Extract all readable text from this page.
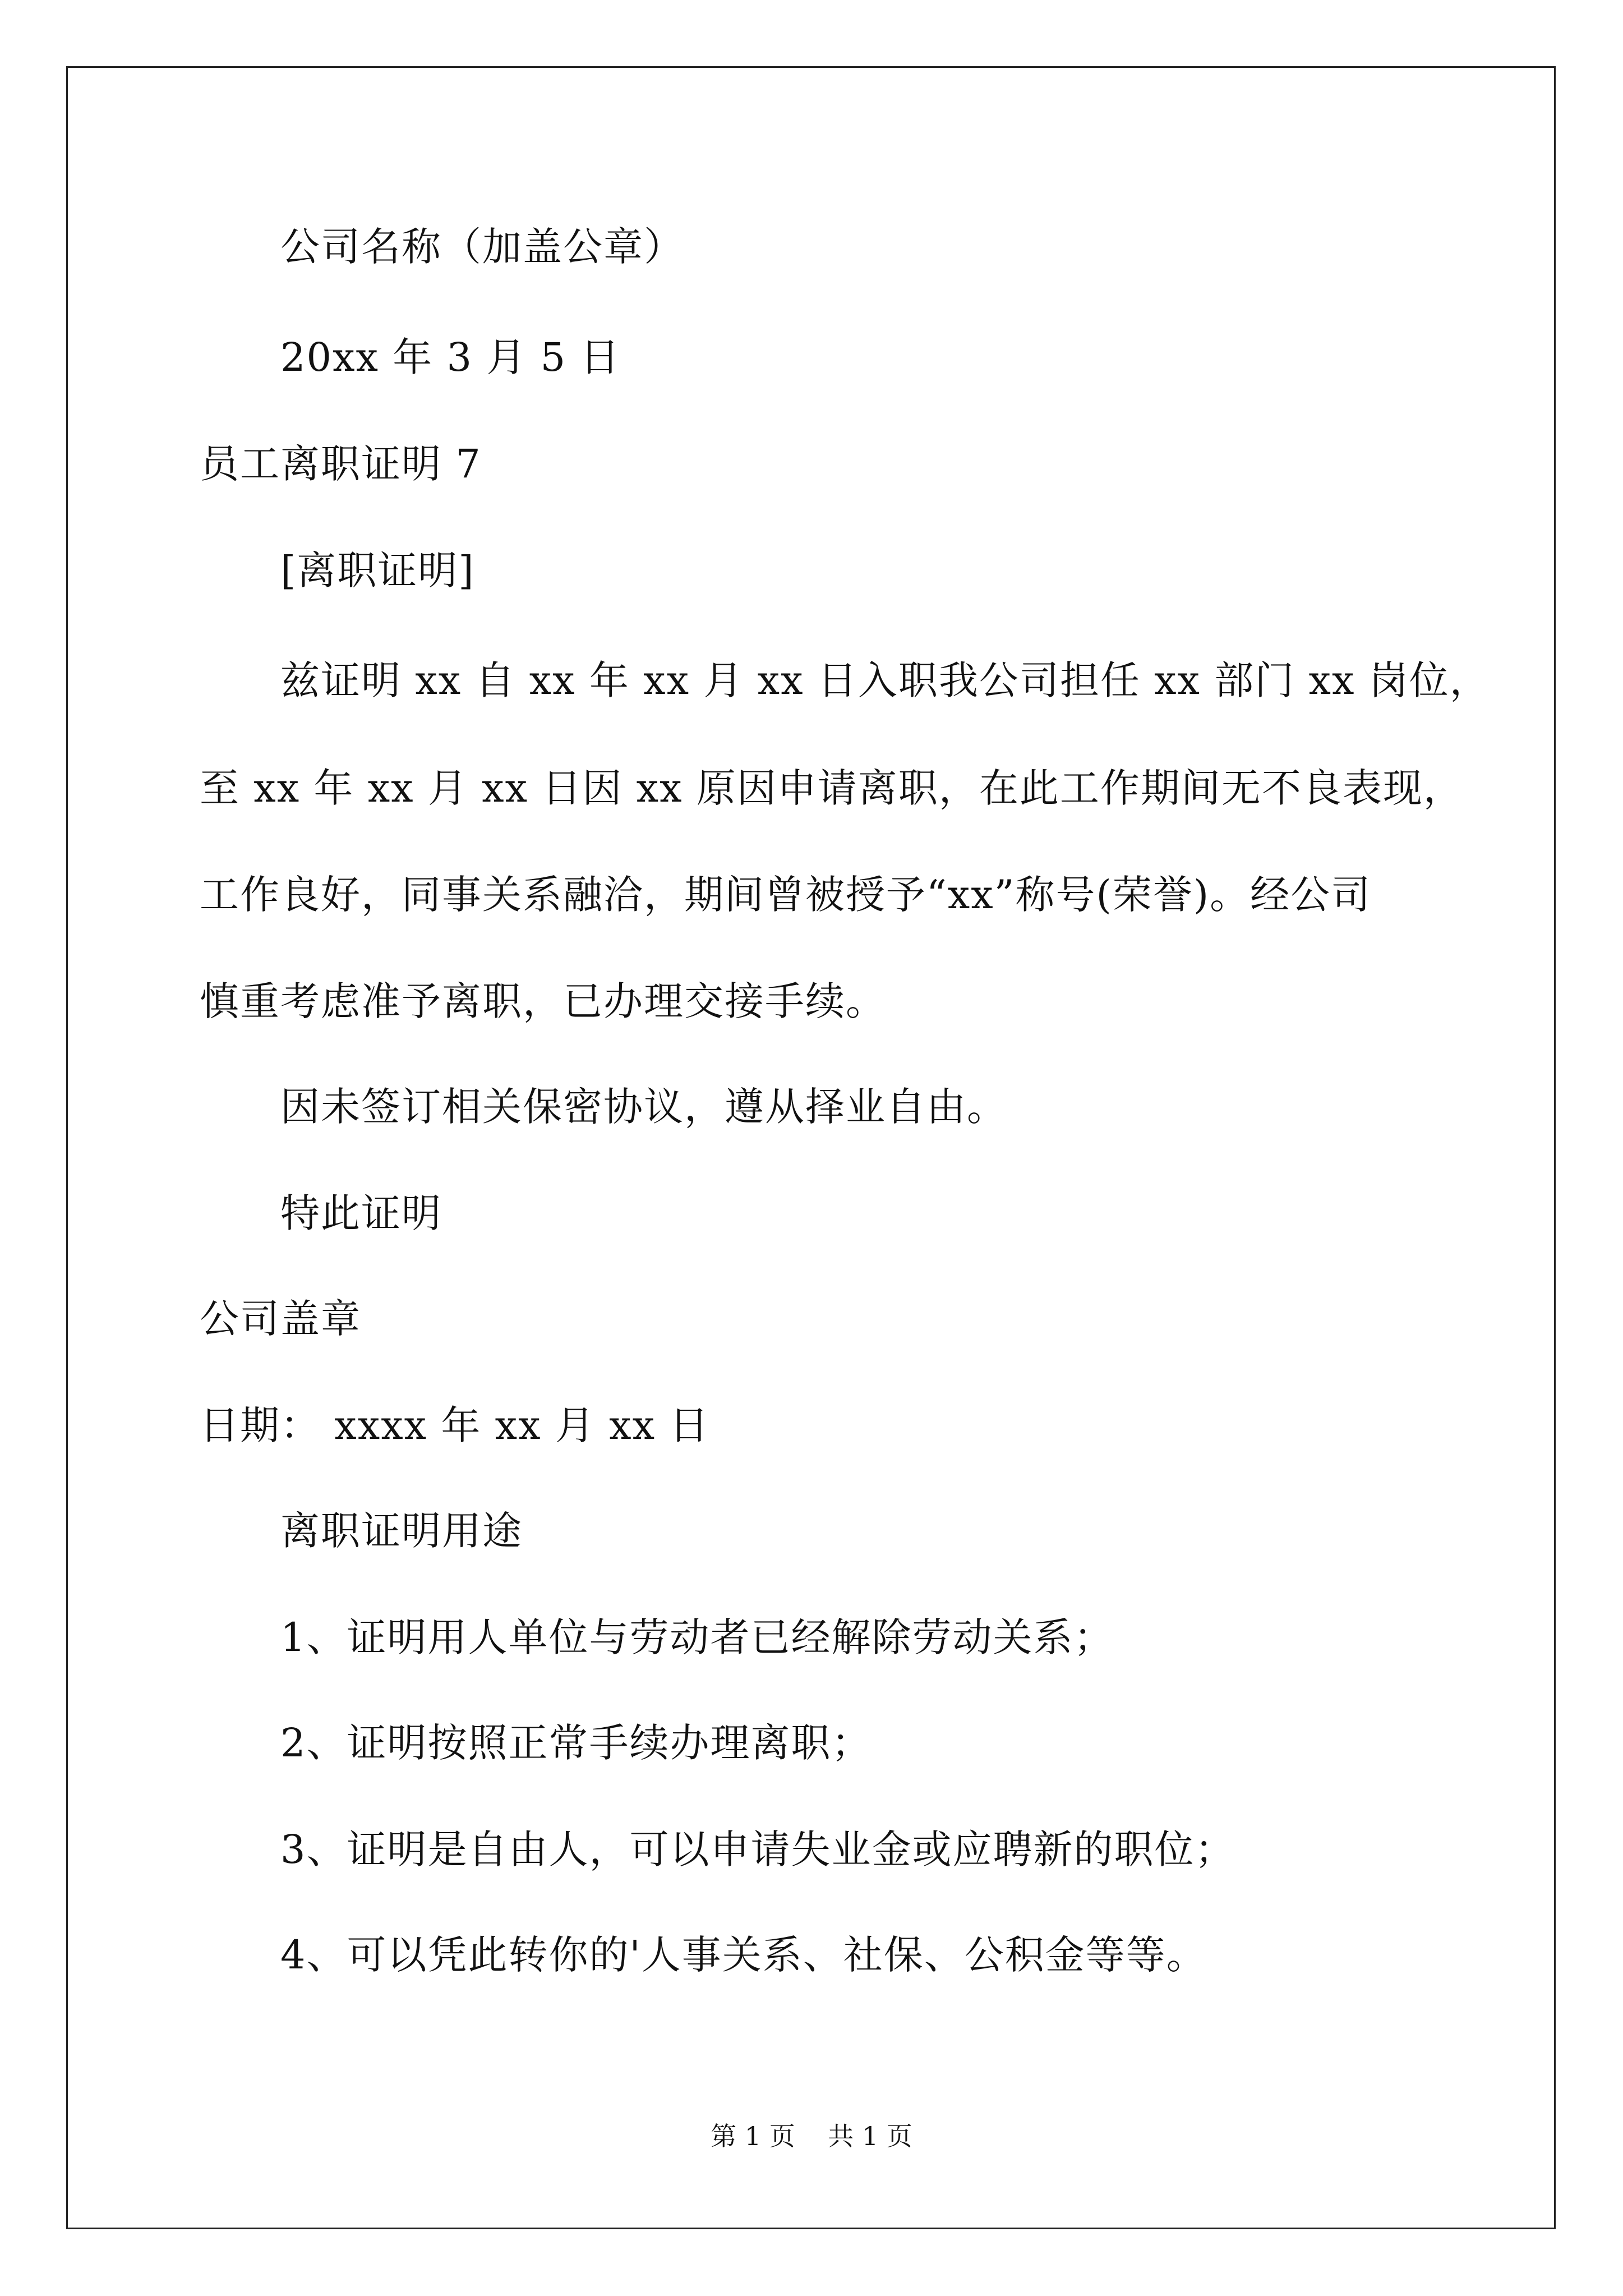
公司名称（加盖公章）
20xx 年 3 月 5 日
员工离职证明 7
[离职证明]
兹证明 xx 自 xx 年 xx 月 xx 日入职我公司担任 xx 部门 xx 岗位，
至 xx 年 xx 月 xx 日因 xx 原因申请离职，在此工作期间无不良表现，
工作良好，同事关系融洽，期间曾被授予“xx”称号(荣誉)。经公司
慎重考虑准予离职，已办理交接手续。
因未签订相关保密协议，遵从择业自由。
特此证明
公司盖章
日期： xxxx 年 xx 月 xx 日
离职证明用途
1、证明用人单位与劳动者已经解除劳动关系；
2、证明按照正常手续办理离职；
3、证明是自由人，可以申请失业金或应聘新的职位；
4、可以凭此转你的'人事关系、社保、公积金等等。
第 1 页    共 1 页
